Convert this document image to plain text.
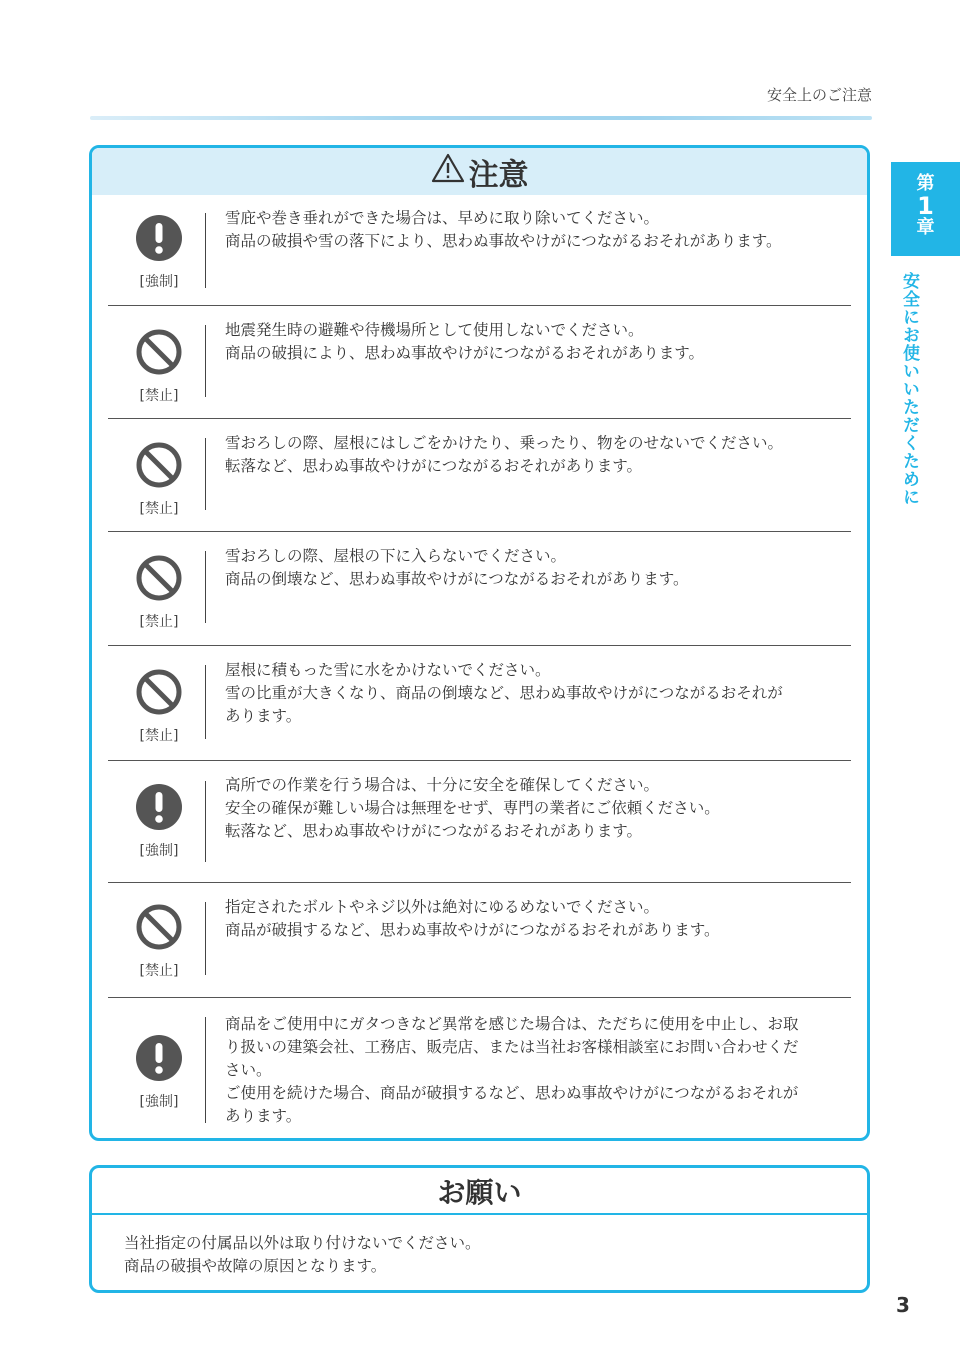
安全上のご注意
注意
[強制]
雪庇や巻き垂れができた場合は、早めに取り除いてください。
商品の破損や雪の落下により、思わぬ事故やけがにつながるおそれがあります。
[禁止]
地震発生時の避難や待機場所として使用しないでください。
商品の破損により、思わぬ事故やけがにつながるおそれがあります。
[禁止]
雪おろしの際、屋根にはしごをかけたり、乗ったり、物をのせないでください。
転落など、思わぬ事故やけがにつながるおそれがあります。
[禁止]
雪おろしの際、屋根の下に入らないでください。
商品の倒壊など、思わぬ事故やけがにつながるおそれがあります。
[禁止]
屋根に積もった雪に水をかけないでください。
雪の比重が大きくなり、商品の倒壊など、思わぬ事故やけがにつながるおそれが
あります。
[強制]
高所での作業を行う場合は、十分に安全を確保してください。
安全の確保が難しい場合は無理をせず、専門の業者にご依頼ください。
転落など、思わぬ事故やけがにつながるおそれがあります。
[禁止]
指定されたボルトやネジ以外は絶対にゆるめないでください。
商品が破損するなど、思わぬ事故やけがにつながるおそれがあります。
[強制]
商品をご使用中にガタつきなど異常を感じた場合は、ただちに使用を中止し、お取
り扱いの建築会社、工務店、販売店、または当社お客様相談室にお問い合わせくだ
さい。
ご使用を続けた場合、商品が破損するなど、思わぬ事故やけがにつながるおそれが
あります。
お願い
当社指定の付属品以外は取り付けないでください。
商品の破損や故障の原因となります。
第
1
章
安全にお使いいただくために
3
